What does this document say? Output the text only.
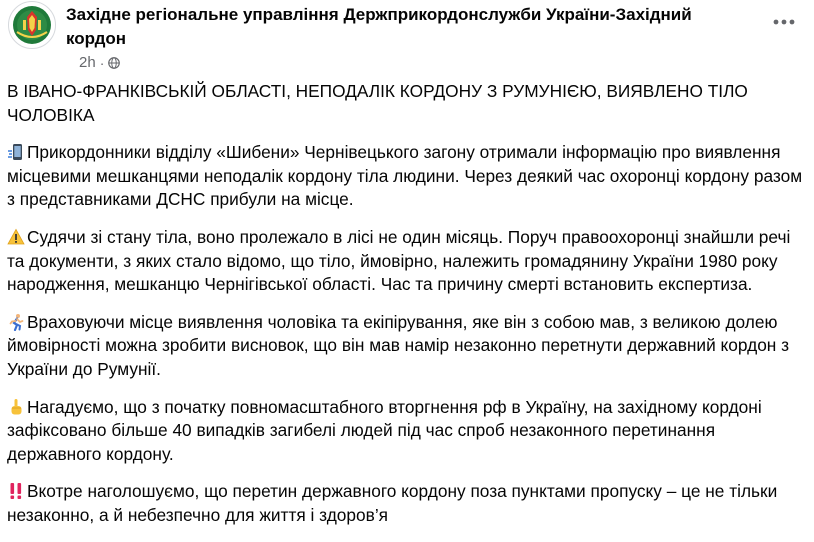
Західне регіональне управління Держприкордонслужби України-Західний кордон
2h ·

В ІВАНО-ФРАНКІВСЬКІЙ ОБЛАСТІ, НЕПОДАЛІК КОРДОНУ З РУМУНІЄЮ, ВИЯВЛЕНО ТІЛО ЧОЛОВІКА

Прикордонники відділу «Шибени» Чернівецького загону отримали інформацію про виявлення місцевими мешканцями неподалік кордону тіла людини. Через деякий час охоронці кордону разом з представниками ДСНС прибули на місце.

Судячи зі стану тіла, воно пролежало в лісі не один місяць. Поруч правоохоронці знайшли речі та документи, з яких стало відомо, що тіло, ймовірно, належить громадянину України 1980 року народження, мешканцю Чернігівської області. Час та причину смерті встановить експертиза.

Враховуючи місце виявлення чоловіка та екіпірування, яке він з собою мав, з великою долею ймовірності можна зробити висновок, що він мав намір незаконно перетнути державний кордон з України до Румунії.

Нагадуємо, що з початку повномасштабного вторгнення рф в Україну, на західному кордоні зафіксовано більше 40 випадків загибелі людей під час спроб незаконного перетинання державного кордону.

Вкотре наголошуємо, що перетин державного кордону поза пунктами пропуску – це не тільки незаконно, а й небезпечно для життя і здоров’я
